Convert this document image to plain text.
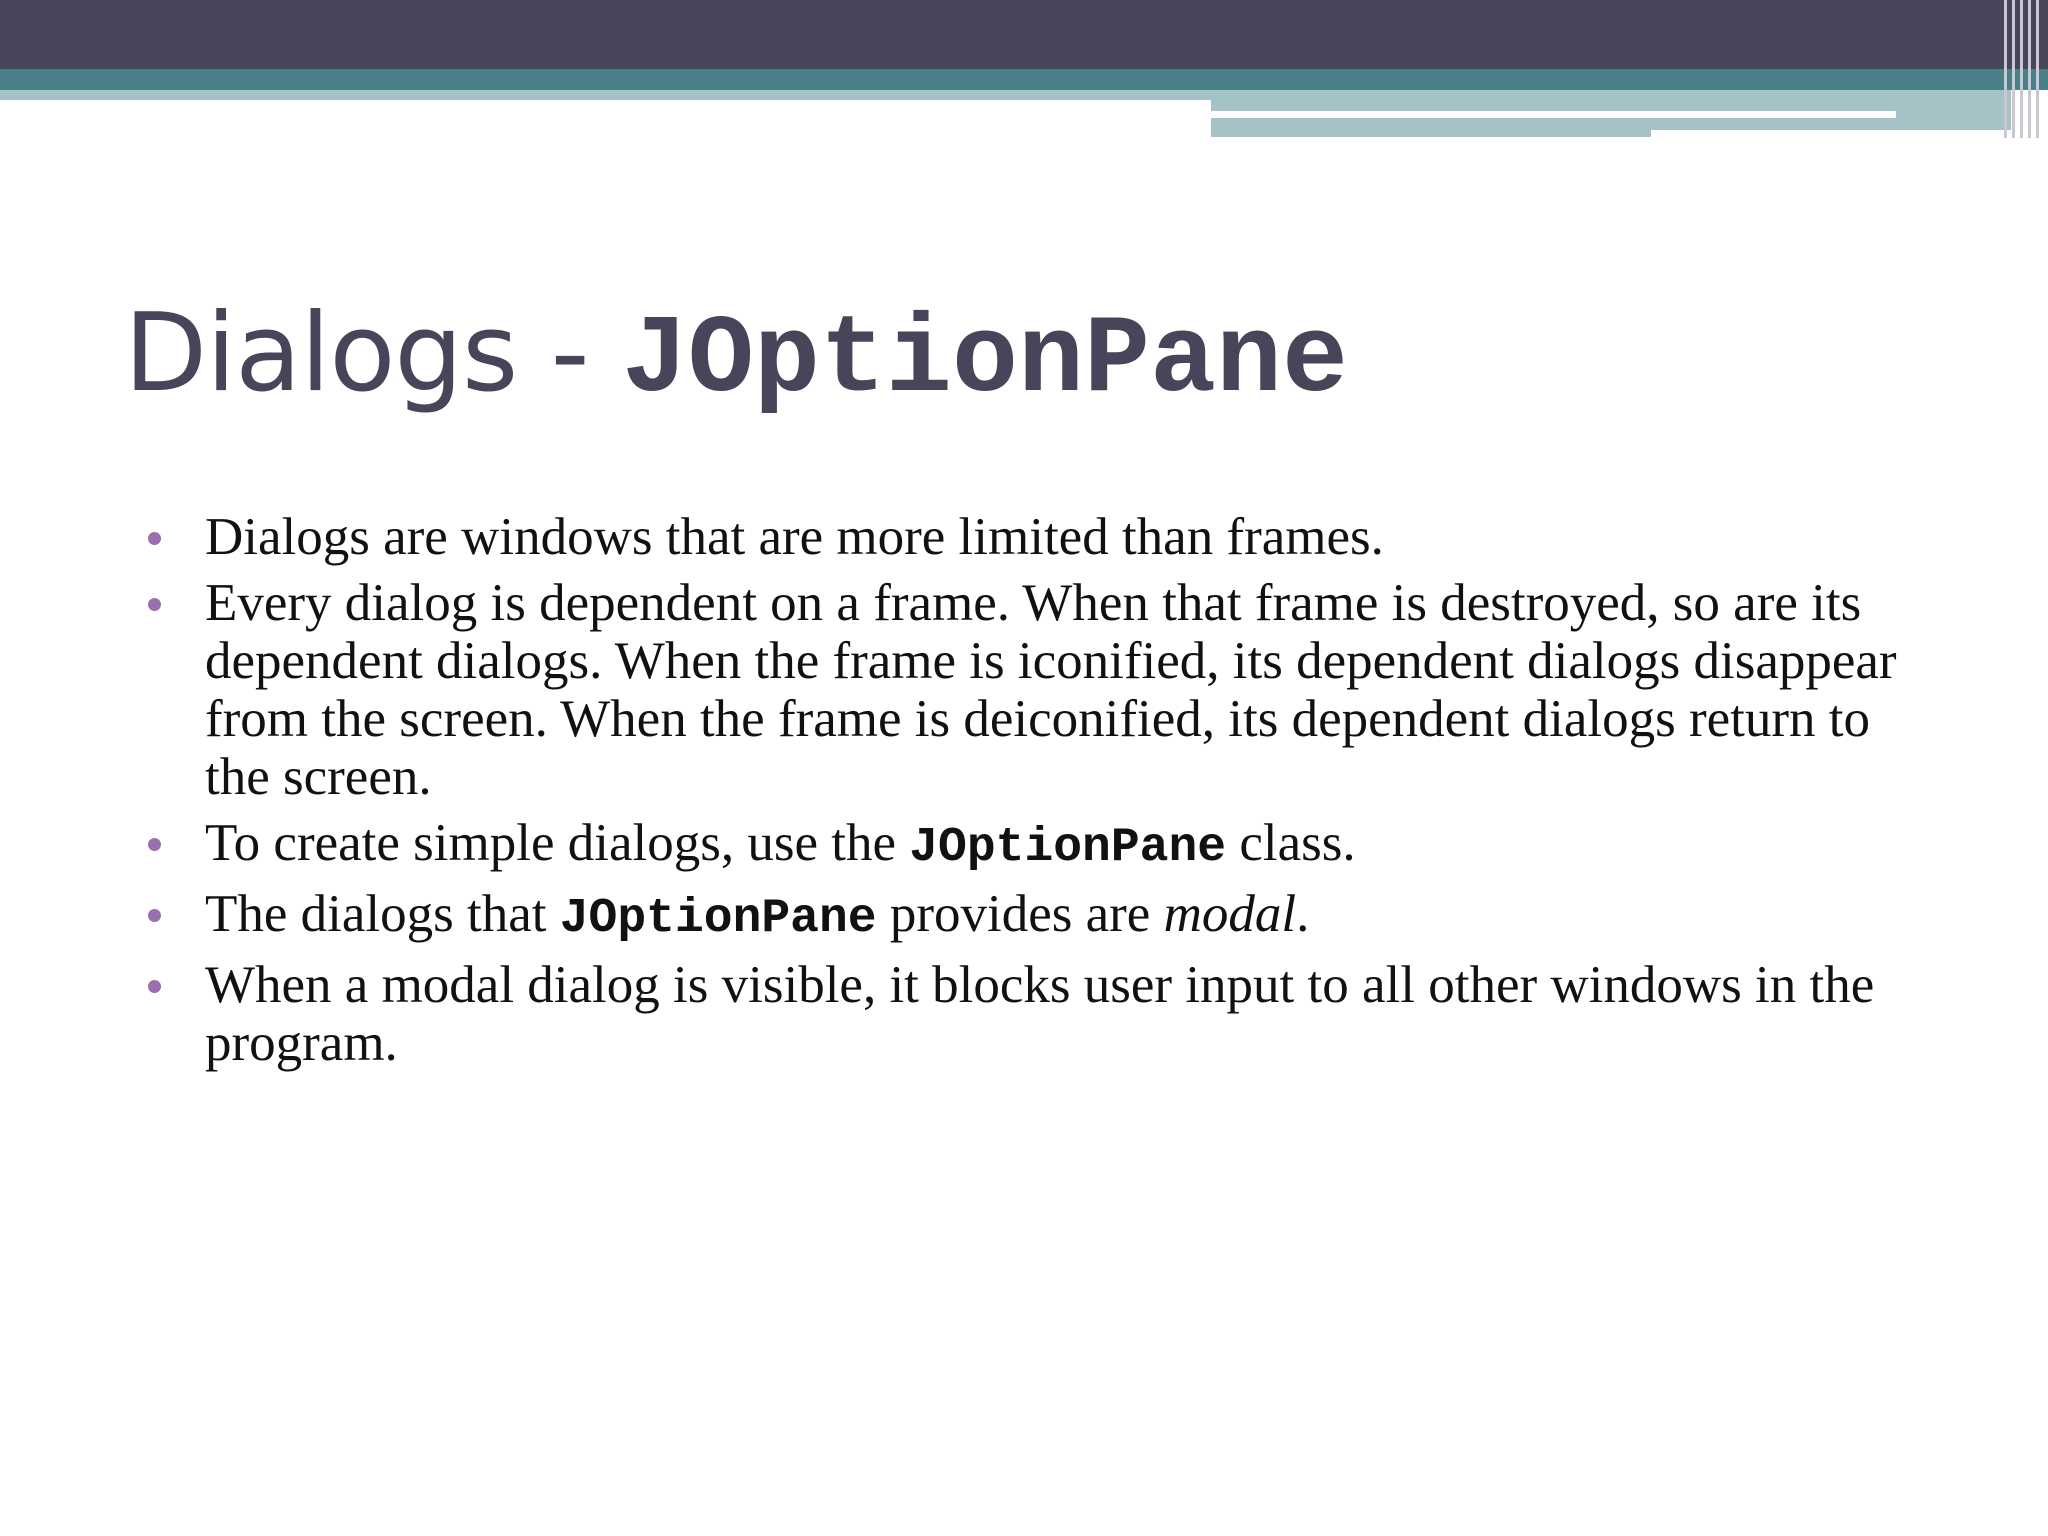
Dialogs - JOptionPane
Dialogs are windows that are more limited than frames.
Every dialog is dependent on a frame. When that frame is destroyed, so are its dependent dialogs. When the frame is iconified, its dependent dialogs disappear from the screen. When the frame is deiconified, its dependent dialogs return to the screen.
To create simple dialogs, use the JOptionPane class.
The dialogs that JOptionPane provides are modal.
When a modal dialog is visible, it blocks user input to all other windows in the program.
